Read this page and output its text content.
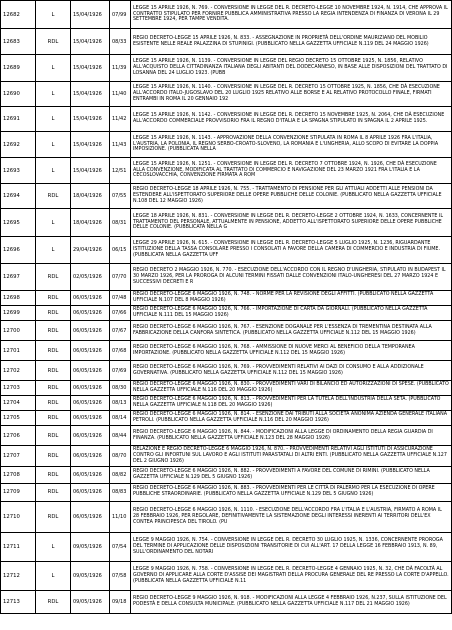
12682	L	15/04/1926	07/99	LEGGE 15 APRILE 1926, N. 769. - CONVERSIONE IN LEGGE DEL R. DECRETO-LEGGE 10 NOVEMBRE 1924, N. 1914, CHE APPROVA IL CONTRATTO STIPULATO PER FORNIRE PUBBLICA AMMINISTRATIVA PRESSO LA REGIA INTENDENZA DI FINANZA DI VERONA IL 29 SETTEMBRE 1924, PER TAMPE VENDITA.
12683	RDL	15/04/1926	08/33	REGIO DECRETO-LEGGE 15 APRILE 1926, N. 833. - ASSEGNAZIONE IN PROPRIETÀ DELL'ORDINE MAURIZIANO DEL MOBILIO ESISTENTE NELLE REALE PALAZZINA DI STUPINIGI. (PUBBLICATO NELLA GAZZETTA UFFICIALE N.119 DEL 24 MAGGIO 1926)
12689	L	15/04/1926	11/39	LEGGE 15 APRILE 1926, N. 1139. - CONVERSIONE IN LEGGE DEL REGIO DECRETO 15 OTTOBRE 1925, N. 1856, RELATIVO ALL'ACQUISTO DELLA CITTADINANZA ITALIANA DEGLI ABITANTI DEL DODECANNESO, IN BASE ALLE DISPOSIZIONI DEL TRATTATO DI LOSANNA DEL 24 LUGLIO 1923. (PUBB
12690	L	15/04/1926	11/40	LEGGE 15 APRILE 1926, N. 1140. - CONVERSIONE IN LEGGE DEL R. DECRETO 15 OTTOBRE 1925, N. 1856, CHE DÀ ESECUZIONE ALL'ACCORDO ITALO-JUGOSLAVO DEL 20 LUGLIO 1925 RELATIVO ALLE BORSE E AL RELATIVO PROTOCOLLO FINALE, FIRMATI ENTRAMBI IN ROMA IL 20 GENNAIO 192
12691	L	15/04/1926	11/42	LEGGE 15 APRILE 1926, N. 1142. - CONVERSIONE IN LEGGE DEL R. DECRETO 15 NOVEMBRE 1925, N. 2064, CHE DÀ ESECUZIONE ALL'ACCORDO COMMERCIALE PROVVISORIO FRA IL REGNO D'ITALIA E LA SPAGNA STIPULATO IN SPAGNA IL 2 APRILE 1925.
12692	L	15/04/1926	11/43	LEGGE 15 APRILE 1926, N. 1143. - APPROVAZIONE DELLA CONVENZIONE STIPULATA IN ROMA IL 8 APRILE 1926 FRA L'ITALIA, L'AUSTRIA, LA POLONIA, IL REGNO SERBO-CROATO-SLOVENO, LA ROMANIA E L'UNGHERIA, ALLO SCOPO DI EVITARE LA DOPPIA IMPOSIZIONE. (PUBBLICATA NELLA
12693	L	15/04/1926	12/51	LEGGE 15 APRILE 1926, N. 1251. - CONVERSIONE IN LEGGE DEL R. DECRETO 7 OTTOBRE 1924, N. 1926, CHE DÀ ESECUZIONE ALLA CONVENZIONE, MODIFICATA AL TRATTATO DI COMMERCIO E NAVIGAZIONE DEL 23 MARZO 1921 FRA L'ITALIA E LA CECOSLOVACCHIA, CONVENZIONE FIRMATA A ROM
12694	RDL	18/04/1926	07/55	REGIO DECRETO-LEGGE 18 APRILE 1926, N. 755. - TRATTAMENTO DI PENSIONE PER GLI ATTUALI ADDETTI ALLE PENSIONI DA ESTENDERE ALL'ISPETTORATO SUPERIORE DELLE OPERE PUBBLICHE DELLE COLONIE. (PUBBLICATO NELLA GAZZETTA UFFICIALE N.108 DEL 12 MAGGIO 1926)
12695	L	18/04/1926	08/31	LEGGE 18 APRILE 1926, N. 831. - CONVERSIONE IN LEGGE DEL R. DECRETO-LEGGE 2 OTTOBRE 1924, N. 1633, CONCERNENTE IL TRATTAMENTO DEL PERSONALE, ATTUALMENTE IN PENSIONE, ADDETTO ALL'ISPETTORATO SUPERIORE DELLE OPERE PUBBLICHE DELLE COLONIE. (PUBBLICATA NELLA G
12696	L	29/04/1926	06/15	LEGGE 29 APRILE 1926, N. 615. - CONVERSIONE IN LEGGE DEL R. DECRETO-LEGGE 5 LUGLIO 1925, N. 1236, RIGUARDANTE ISTITUZIONE DELLA TASSA CONSOLARE PRESSO I CONSOLATI A FAVORE DELLA CAMERA DI COMMERCIO E INDUSTRIA DI FIUME. (PUBBLICATA NELLA GAZZETTA UFF
12697	RDL	02/05/1926	07/70	REGIO DECRETO 2 MAGGIO 1926, N. 770. - ESECUZIONE DELL'ACCORDO CON IL REGNO D'UNGHERIA, STIPULATO IN BUDAPEST IL 30 MARZO 1926, PER LA PROROGA DI ALCUNI TERMINI FISSATI DALLE CONVENZIONI ITALO-UNGHERESI DEL 27 MARZO 1924 E SUCCESSIVI DECRETI E R
12698	RDL	06/05/1926	07/48	REGIO DECRETO-LEGGE 6 MAGGIO 1926, N. 748. - NORME PER LA REVISIONE DEGLI AFFITTI. (PUBBLICATO NELLA GAZZETTA UFFICIALE N.107 DEL 8 MAGGIO 1926)
12699	RDL	06/05/1926	07/66	REGIO DECRETO-LEGGE 6 MAGGIO 1926, N. 766. - IMPORTAZIONE DI CARTA DA GIORNALI. (PUBBLICATO NELLA GAZZETTA UFFICIALE N.111 DEL 15 MAGGIO 1926)
12700	RDL	06/05/1926	07/67	REGIO DECRETO-LEGGE 6 MAGGIO 1926, N. 767. - ESENZIONE DOGANALE PER L'ESSENZA DI TREMENTINA DESTINATA ALLA FABBRICAZIONE DELLA CANFORA SINTETICA. (PUBBLICATO NELLA GAZZETTA UFFICIALE N.112 DEL 15 MAGGIO 1926)
12701	RDL	06/05/1926	07/68	REGIO DECRETO-LEGGE 6 MAGGIO 1926, N. 768. - AMMISSIONE DI NUOVE MERCI AL BENEFICIO DELLA TEMPORANEA IMPORTAZIONE. (PUBBLICATO NELLA GAZZETTA UFFICIALE N.112 DEL 15 MAGGIO 1926)
12702	RDL	06/05/1926	07/69	REGIO DECRETO-LEGGE 6 MAGGIO 1926, N. 769. - PROVVEDIMENTI RELATIVI AI DAZI DI CONSUMO E ALLA ADDIZIONALE GOVERNATIVA. (PUBBLICATO NELLA GAZZETTA UFFICIALE N.112 DEL 15 MAGGIO 1926)
12703	RDL	06/05/1926	08/30	REGIO DECRETO-LEGGE 6 MAGGIO 1926, N. 830. - PROVVEDIMENTI VARI DI BILANCIO ED AUTORIZZAZIONI DI SPESE. (PUBBLICATO NELLA GAZZETTA UFFICIALE N.116 DEL 20 MAGGIO 1926)
12704	RDL	06/05/1926	08/13	REGIO DECRETO-LEGGE 6 MAGGIO 1926, N. 813. - PROVVEDIMENTI PER LA TUTELA DELL'INDUSTRIA DELLA SETA. (PUBBLICATO NELLA GAZZETTA UFFICIALE N.118 DEL 20 MAGGIO 1926)
12705	RDL	06/05/1926	08/14	REGIO DECRETO-LEGGE 6 MAGGIO 1926, N. 814. - ESENZIONE DAI TRIBUTI ALLA SOCIETÀ ANONIMA AZIENDA GENERALE ITALIANA PETROLI. (PUBBLICATO NELLA GAZZETTA UFFICIALE N.116 DEL 20 MAGGIO 1926)
12706	RDL	06/05/1926	08/44	REGIO DECRETO-LEGGE 6 MAGGIO 1926, N. 844. - MODIFICAZIONI ALLA LEGGE DI ORDINAMENTO DELLA REGIA GUARDIA DI FINANZA. (PUBBLICATO NELLA GAZZETTA UFFICIALE N.123 DEL 28 MAGGIO 1926)
12707	RDL	06/05/1926	08/70	RELAZIONE E REGIO DECRETO-LEGGE 6 MAGGIO 1926, N. 870. - PROVVEDIMENTI RELATIVI AGLI ISTITUTI DI ASSICURAZIONE CONTRO GLI INFORTUNI SUL LAVORO E AGLI ISTITUTI PARASTATALI DI ALTRI ENTI. (PUBBLICATO NELLA GAZZETTA UFFICIALE N.127 DEL 2 GIUGNO 1926)
12708	RDL	06/05/1926	08/82	REGIO DECRETO-LEGGE 6 MAGGIO 1926, N. 882. - PROVVEDIMENTI A FAVORE DEL COMUNE DI RIMINI. (PUBBLICATO NELLA GAZZETTA UFFICIALE N.129 DEL 5 GIUGNO 1926)
12709	RDL	06/05/1926	08/83	REGIO DECRETO-LEGGE 6 MAGGIO 1926, N. 883. - PROVVEDIMENTI PER LE CITTÀ DI PALERMO PER LA ESECUZIONE DI OPERE PUBBLICHE STRAORDINARIE. (PUBBLICATO NELLA GAZZETTA UFFICIALE N.129 DEL 5 GIUGNO 1926)
12710	RDL	06/05/1926	11/10	REGIO DECRETO-LEGGE 6 MAGGIO 1926, N. 1110. - ESECUZIONE DELL'ACCORDO FRA L'ITALIA E L'AUSTRIA, FIRMATO A ROMA IL 28 FEBBRAIO 1926, PER REGOLARE, DEFINITIVAMENTE LA SISTEMAZIONE DEGLI INTERESSI INERENTI AI TERRITORI DELL'EX CONTEA PRINCIPESCA DEL TIROLO. (PU
12711	L	09/05/1926	07/54	LEGGE 9 MAGGIO 1926, N. 754. - CONVERSIONE IN LEGGE DEL R. DECRETO 30 LUGLIO 1925, N. 1336, CONCERNENTE PROROGA DEL TERMINE DI APPLICAZIONE DELLE DISPOSIZIONI TRANSITORIE DI CUI ALL'ART. 17 DELLA LEGGE 16 FEBBRAIO 1913, N. 89, SULL'ORDINAMENTO DEL NOTARI
12712	L	09/05/1926	07/58	LEGGE 9 MAGGIO 1926, N. 758. - CONVERSIONE IN LEGGE DEL R. DECRETO-LEGGE 4 GENNAIO 1925, N. 32, CHE DÀ FACOLTÀ AL GOVERNO DI APPLICARE ALLA CORTE D'ASSISE DEI MAGISTRATI DELLA PROCURA GENERALE DEL RE PRESSO LA CORTE D'APPELLO. (PUBBLICATA NELLA GAZZETTA UFFICIALE N.11
12713	RDL	09/05/1926	09/18	REGIO DECRETO-LEGGE 9 MAGGIO 1926, N. 918. - MODIFICAZIONI ALLA LEGGE 4 FEBBRAIO 1926, N.237, SULLA ISTITUZIONE DEL PODESTÀ E DELLA CONSULTA MUNICIPALE. (PUBBLICATO NELLA GAZZETTA UFFICIALE N.117 DEL 21 MAGGIO 1926)
